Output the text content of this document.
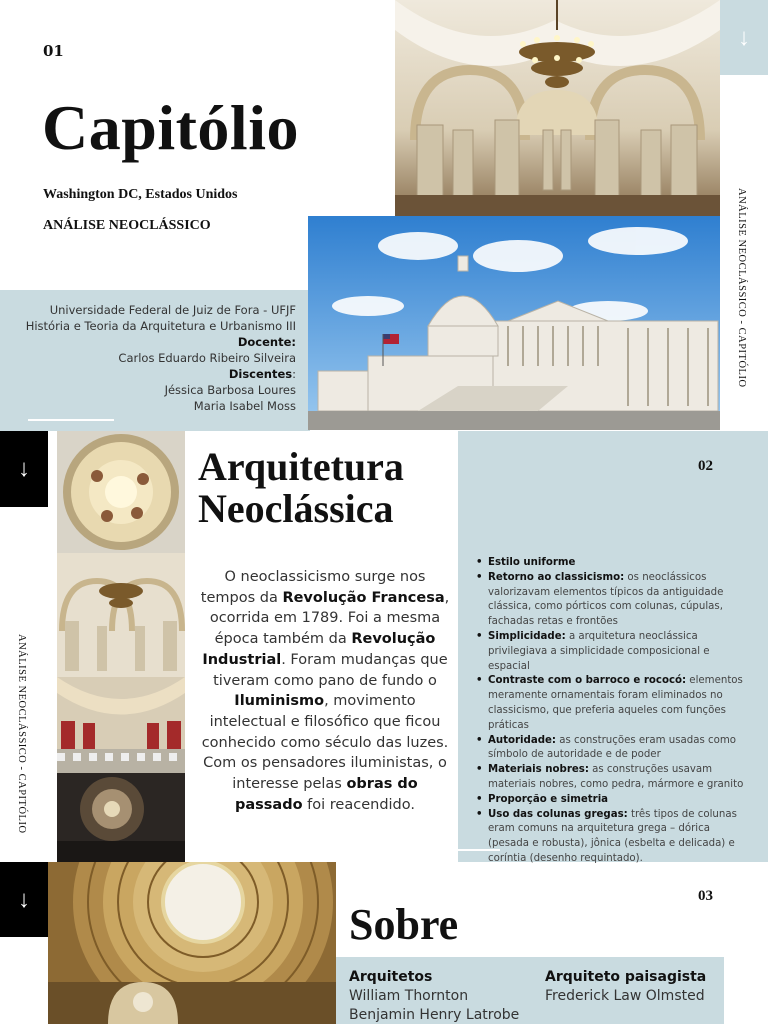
01
Capitólio
Washington DC, Estados Unidos
ANÁLISE NEOCLÁSSICO
Universidade Federal de Juiz de Fora - UFJF
História e Teoria da Arquitetura e Urbanismo III
Docente:
Carlos Eduardo Ribeiro Silveira
Discentes:
Jéssica Barbosa Loures
Maria Isabel Moss
↓
ANÁLISE NEOCLÁSSICO - CAPITÓLIO
↓
ANÁLISE NEOCLÁSSICO - CAPITÓLIO
Arquitetura
Neoclássica
O neoclassicismo surge nos tempos da Revolução Francesa, ocorrida em 1789. Foi a mesma época também da Revolução Industrial. Foram mudanças que tiveram como pano de fundo o Iluminismo, movimento intelectual e filosófico que ficou conhecido como século das luzes. Com os pensadores iluministas, o interesse pelas obras do passado foi reacendido.
02
• Estilo uniforme
• Retorno ao classicismo: os neoclássicos valorizavam elementos típicos da antiguidade clássica, como pórticos com colunas, cúpulas, fachadas retas e frontões
• Simplicidade: a arquitetura neoclássica privilegiava a simplicidade composicional e espacial
• Contraste com o barroco e rococó: elementos meramente ornamentais foram eliminados no classicismo, que preferia aqueles com funções práticas
• Autoridade: as construções eram usadas como símbolo de autoridade e de poder
• Materiais nobres: as construções usavam materiais nobres, como pedra, mármore e granito
• Proporção e simetria
• Uso das colunas gregas: três tipos de colunas eram comuns na arquitetura grega – dórica (pesada e robusta), jônica (esbelta e delicada) e coríntia (desenho requintado).
↓	03
Sobre
Arquitetos
William Thornton
Benjamin Henry Latrobe
Arquiteto paisagista
Frederick Law Olmsted
